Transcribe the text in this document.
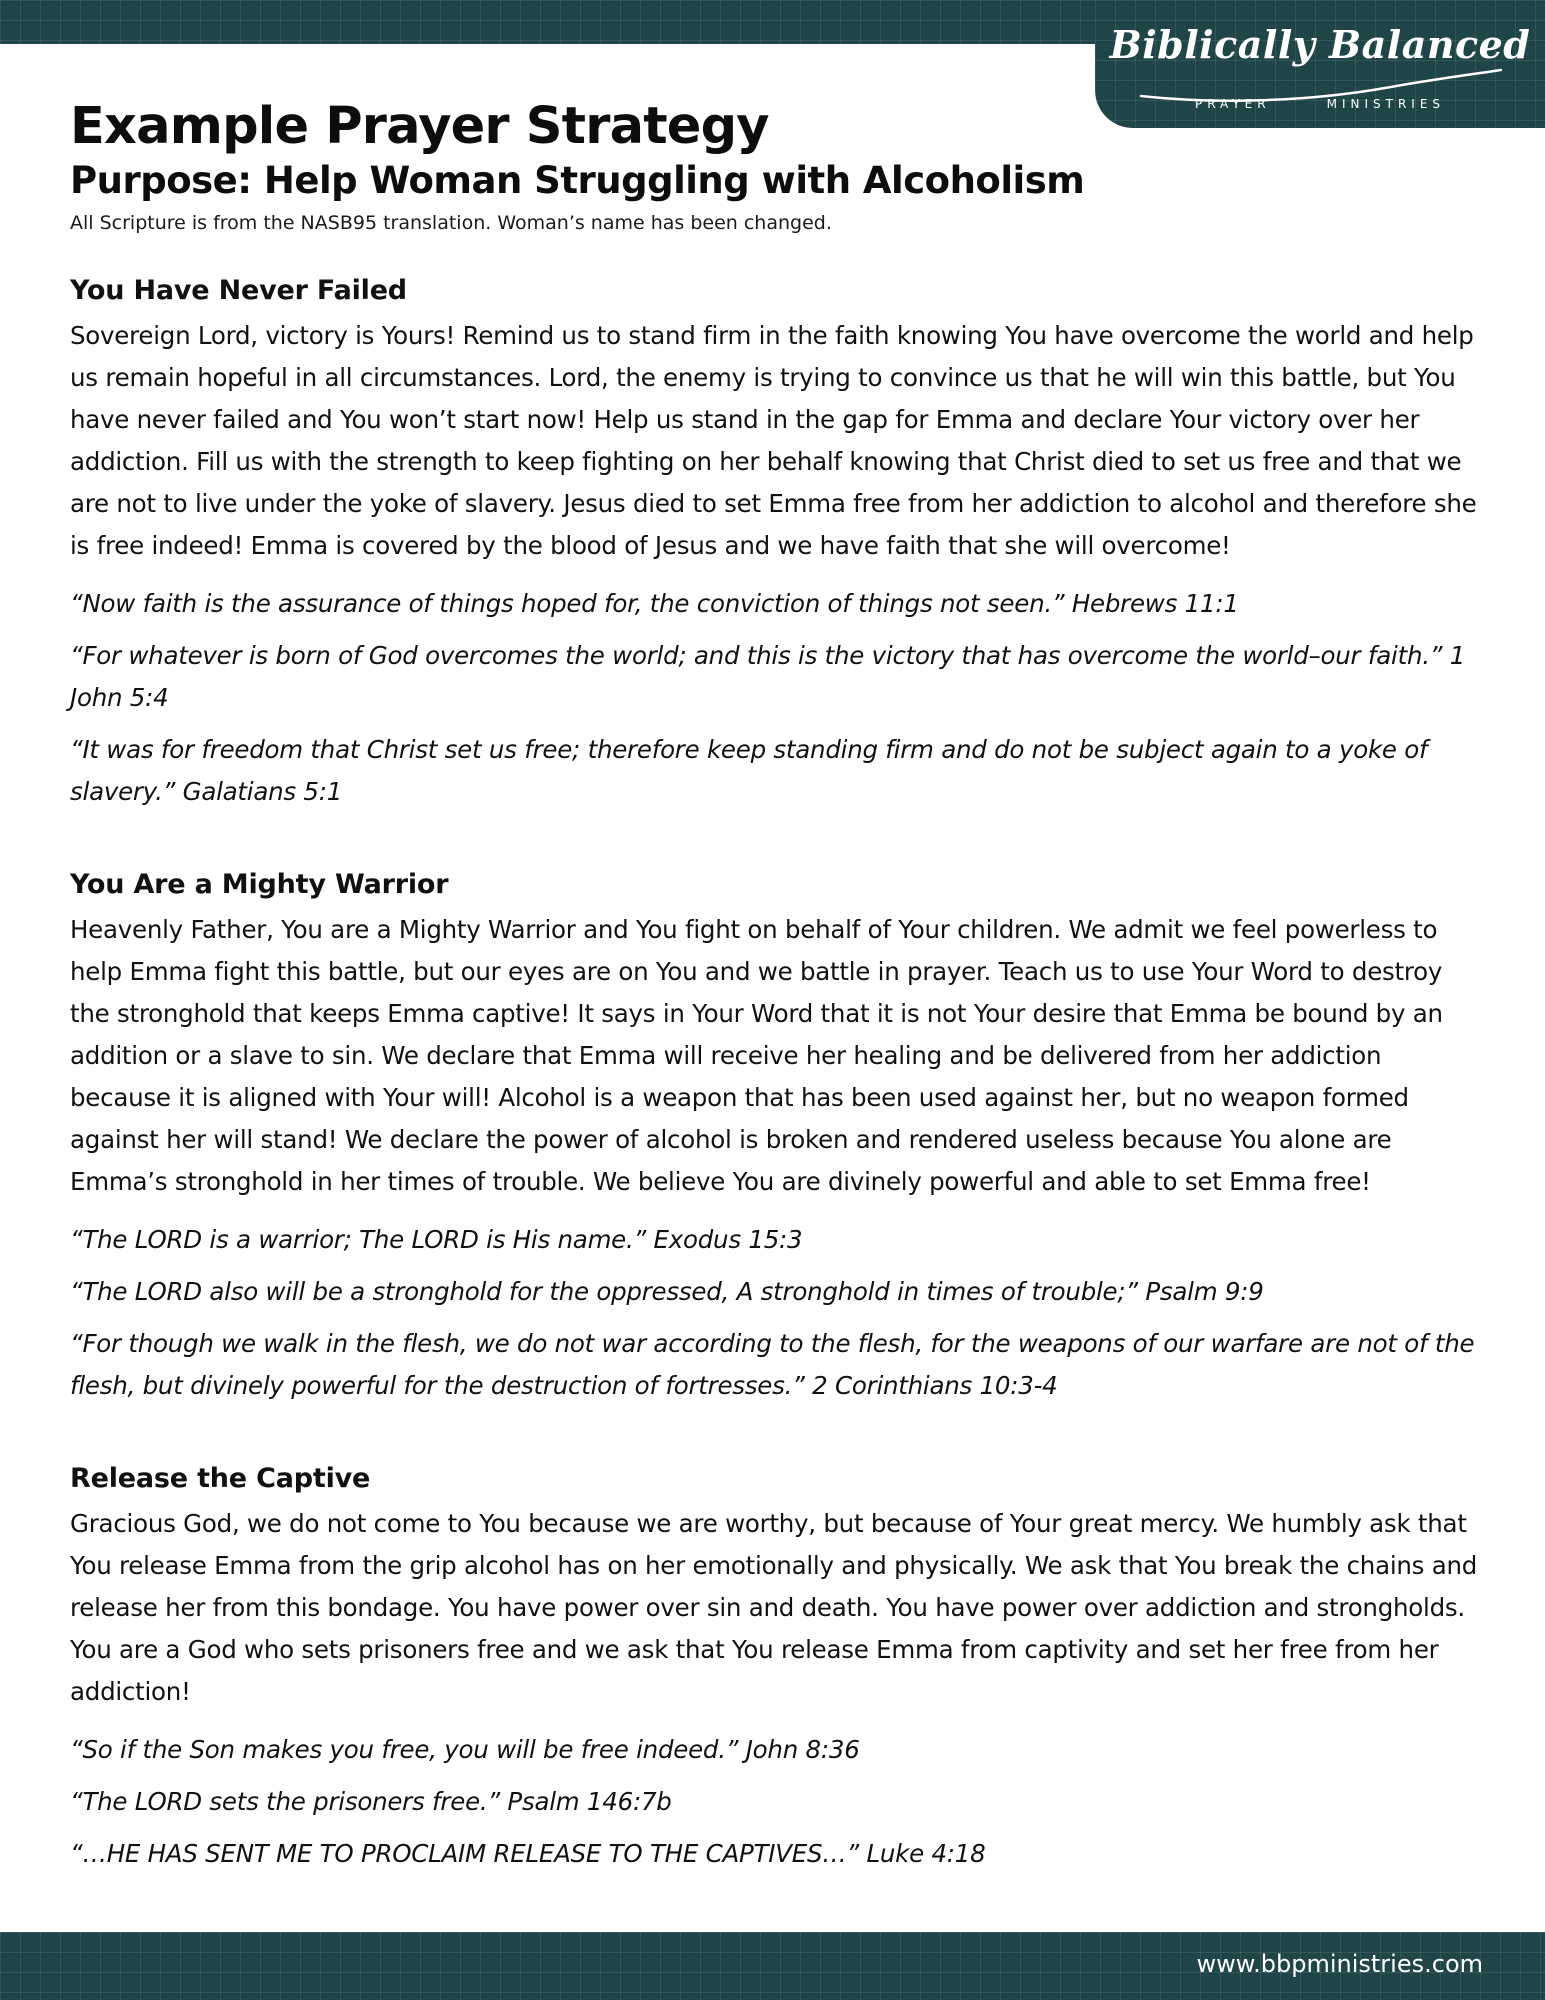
Biblically Balanced
PRAYER	MINISTRIES
Example Prayer Strategy
Purpose: Help Woman Struggling with Alcoholism

All Scripture is from the NASB95 translation. Woman’s name has been changed.

You Have Never Failed

Sovereign Lord, victory is Yours! Remind us to stand firm in the faith knowing You have overcome the world and help us remain hopeful in all circumstances. Lord, the enemy is trying to convince us that he will win this battle, but You have never failed and You won’t start now! Help us stand in the gap for Emma and declare Your victory over her addiction. Fill us with the strength to keep fighting on her behalf knowing that Christ died to set us free and that we are not to live under the yoke of slavery. Jesus died to set Emma free from her addiction to alcohol and therefore she is free indeed! Emma is covered by the blood of Jesus and we have faith that she will overcome!

“Now faith is the assurance of things hoped for, the conviction of things not seen.” Hebrews 11:1

“For whatever is born of God overcomes the world; and this is the victory that has overcome the world–our faith.” 1 John 5:4

“It was for freedom that Christ set us free; therefore keep standing firm and do not be subject again to a yoke of slavery.” Galatians 5:1

You Are a Mighty Warrior

Heavenly Father, You are a Mighty Warrior and You fight on behalf of Your children. We admit we feel powerless to help Emma fight this battle, but our eyes are on You and we battle in prayer. Teach us to use Your Word to destroy the stronghold that keeps Emma captive! It says in Your Word that it is not Your desire that Emma be bound by an addition or a slave to sin. We declare that Emma will receive her healing and be delivered from her addiction because it is aligned with Your will! Alcohol is a weapon that has been used against her, but no weapon formed against her will stand! We declare the power of alcohol is broken and rendered useless because You alone are Emma’s stronghold in her times of trouble. We believe You are divinely powerful and able to set Emma free!

“The LORD is a warrior; The LORD is His name.” Exodus 15:3

“The LORD also will be a stronghold for the oppressed, A stronghold in times of trouble;” Psalm 9:9

“For though we walk in the flesh, we do not war according to the flesh, for the weapons of our warfare are not of the flesh, but divinely powerful for the destruction of fortresses.” 2 Corinthians 10:3-4

Release the Captive

Gracious God, we do not come to You because we are worthy, but because of Your great mercy. We humbly ask that You release Emma from the grip alcohol has on her emotionally and physically. We ask that You break the chains and release her from this bondage. You have power over sin and death. You have power over addiction and strongholds. You are a God who sets prisoners free and we ask that You release Emma from captivity and set her free from her addiction!

“So if the Son makes you free, you will be free indeed.” John 8:36

“The LORD sets the prisoners free.” Psalm 146:7b

“…HE HAS SENT ME TO PROCLAIM RELEASE TO THE CAPTIVES…” Luke 4:18

www.bbpministries.com
